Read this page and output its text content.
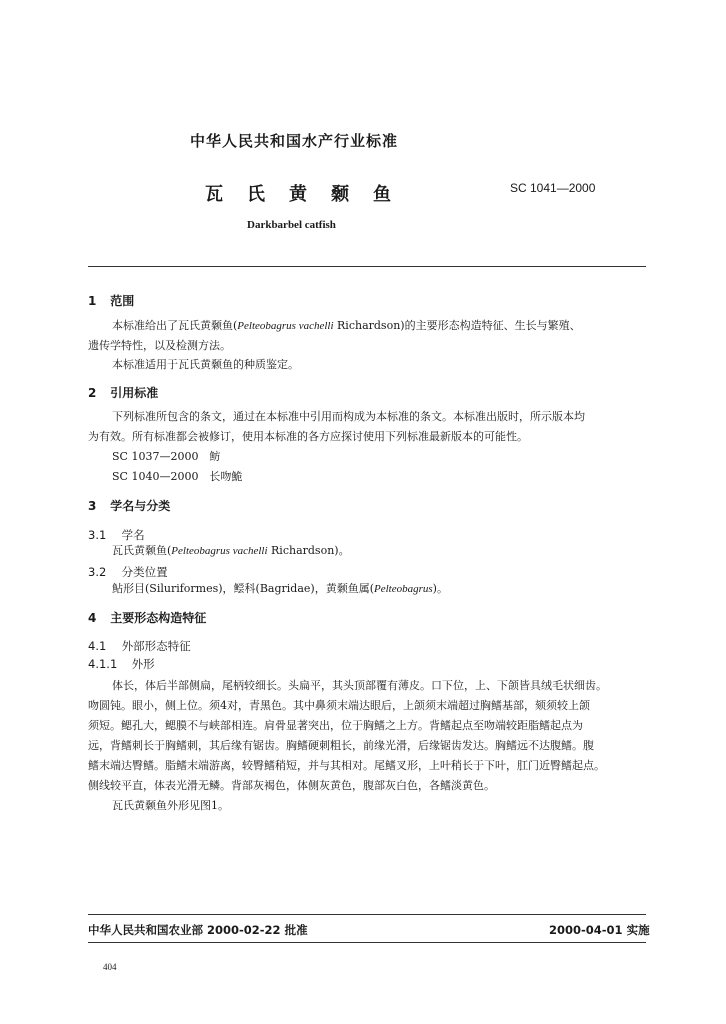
中华人民共和国水产行业标准
瓦氏黄颡鱼	SC 1041—2000
Darkbarbel catfish
1 范围
本标准给出了瓦氏黄颡鱼(Pelteobagrus vachelli Richardson)的主要形态构造特征、生长与繁殖、
遗传学特性，以及检测方法。
本标准适用于瓦氏黄颡鱼的种质鉴定。
2 引用标准
下列标准所包含的条文，通过在本标准中引用而构成为本标准的条文。本标准出版时，所示版本均
为有效。所有标准都会被修订，使用本标准的各方应探讨使用下列标准最新版本的可能性。
SC 1037—2000　鲂
SC 1040—2000　长吻鮠
3 学名与分类
3.1 学名
瓦氏黄颡鱼(Pelteobagrus vachelli Richardson)。
3.2 分类位置
鲇形目(Siluriformes)，鲿科(Bagridae)，黄颡鱼属(Pelteobagrus)。
4 主要形态构造特征
4.1 外部形态特征
4.1.1 外形
体长，体后半部侧扁，尾柄较细长。头扁平，其头顶部覆有薄皮。口下位，上、下颌皆具绒毛状细齿。
吻圆钝。眼小，侧上位。须4对，青黑色。其中鼻须末端达眼后，上颌须末端超过胸鳍基部，颏须较上颌
须短。鳃孔大，鳃膜不与峡部相连。肩骨显著突出，位于胸鳍之上方。背鳍起点至吻端较距脂鳍起点为
远，背鳍刺长于胸鳍刺，其后缘有锯齿。胸鳍硬刺粗长，前缘光滑，后缘锯齿发达。胸鳍远不达腹鳍。腹
鳍末端达臀鳍。脂鳍末端游离，较臀鳍稍短，并与其相对。尾鳍叉形，上叶稍长于下叶，肛门近臀鳍起点。
侧线较平直，体表光滑无鳞。背部灰褐色，体侧灰黄色，腹部灰白色，各鳍淡黄色。
瓦氏黄颡鱼外形见图1。
中华人民共和国农业部 2000-02-22 批准	2000-04-01 实施
404
